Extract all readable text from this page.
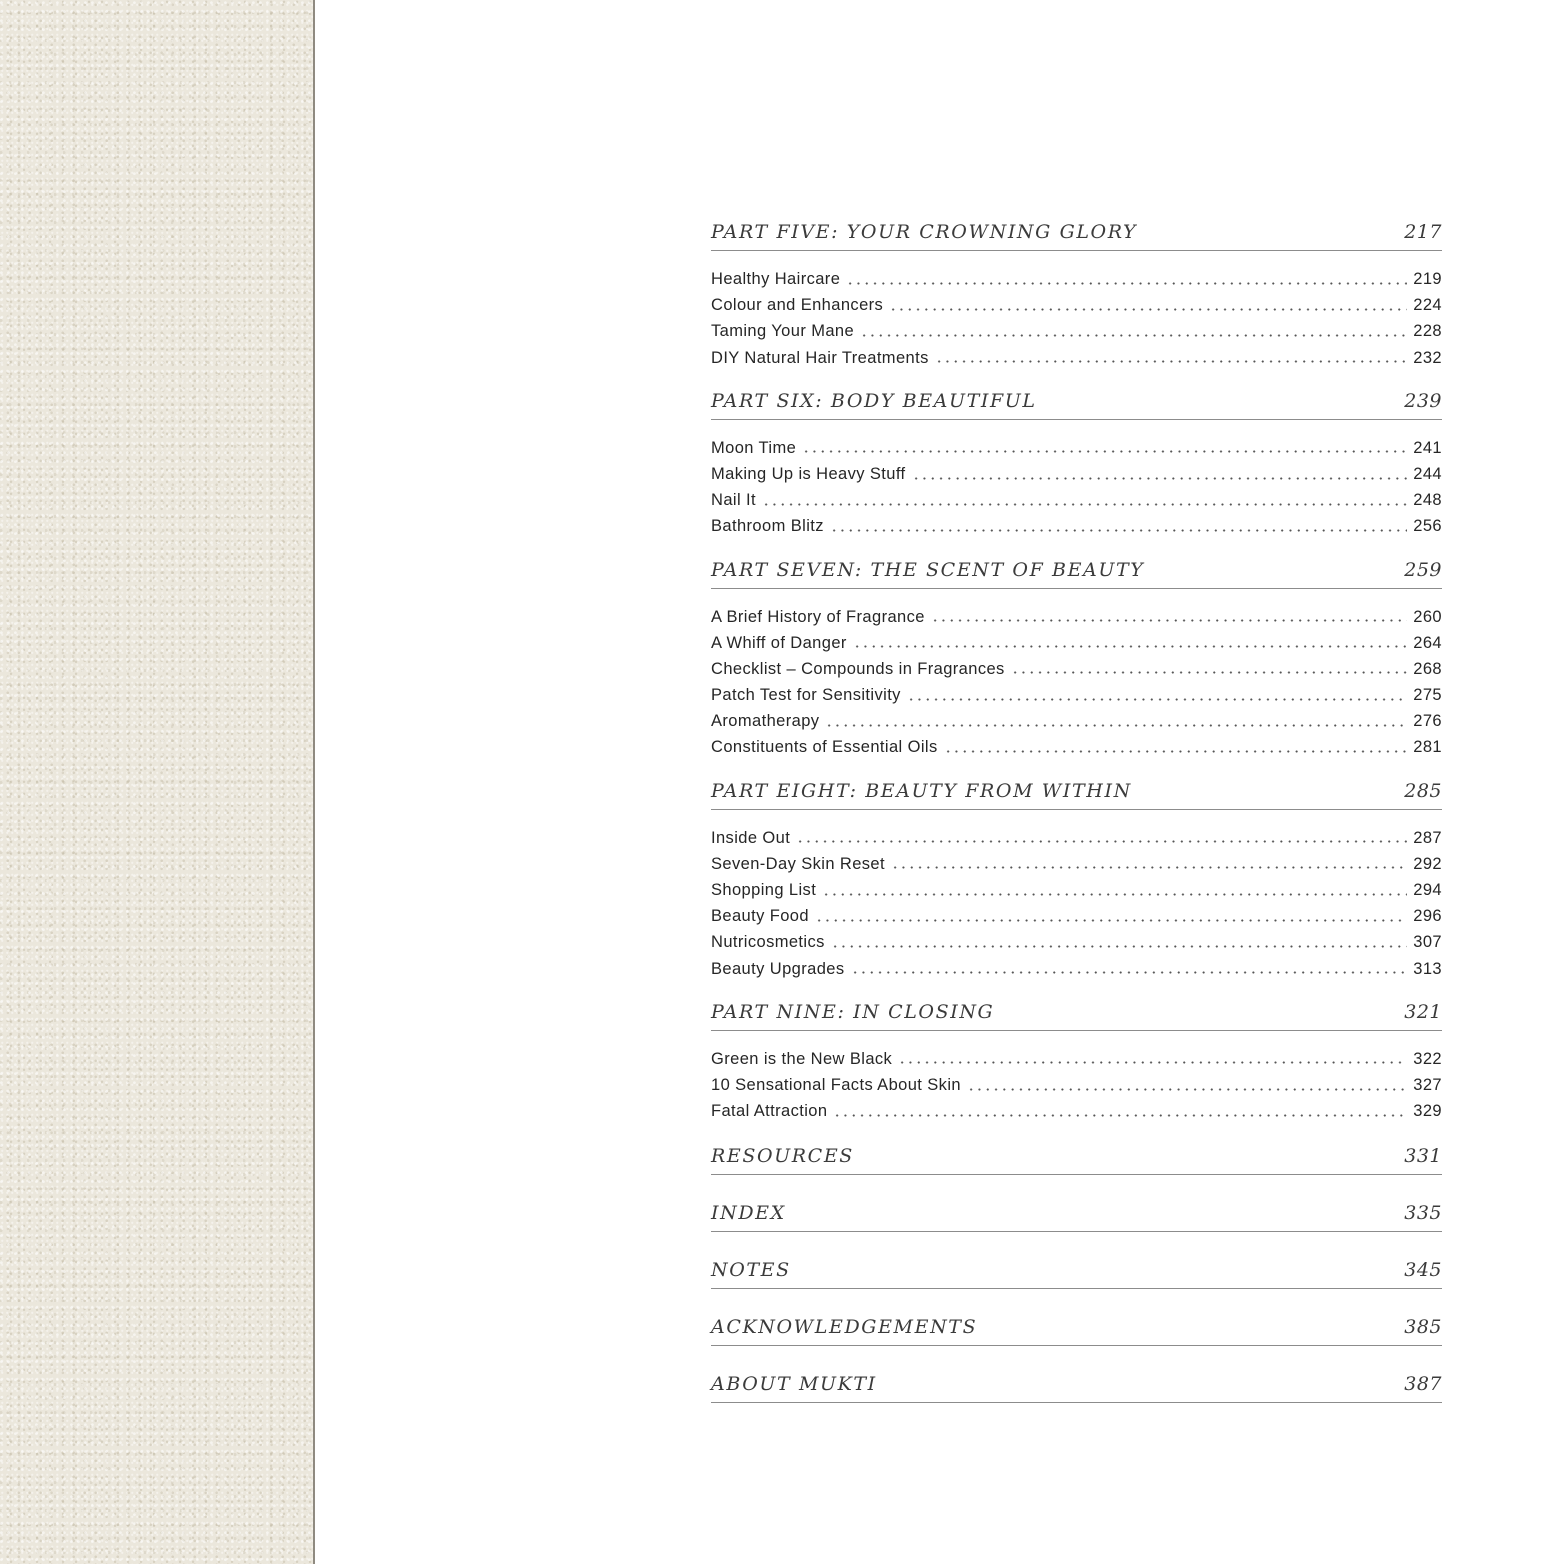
PART FIVE: YOUR CROWNING GLORY	217
Healthy Haircare	219
Colour and Enhancers	224
Taming Your Mane	228
DIY Natural Hair Treatments	232
PART SIX: BODY BEAUTIFUL	239
Moon Time	241
Making Up is Heavy Stuff	244
Nail It	248
Bathroom Blitz	256
PART SEVEN: THE SCENT OF BEAUTY	259
A Brief History of Fragrance	260
A Whiff of Danger	264
Checklist – Compounds in Fragrances	268
Patch Test for Sensitivity	275
Aromatherapy	276
Constituents of Essential Oils	281
PART EIGHT: BEAUTY FROM WITHIN	285
Inside Out	287
Seven-Day Skin Reset	292
Shopping List	294
Beauty Food	296
Nutricosmetics	307
Beauty Upgrades	313
PART NINE: IN CLOSING	321
Green is the New Black	322
10 Sensational Facts About Skin	327
Fatal Attraction	329
RESOURCES	331
INDEX	335
NOTES	345
ACKNOWLEDGEMENTS	385
ABOUT MUKTI	387
